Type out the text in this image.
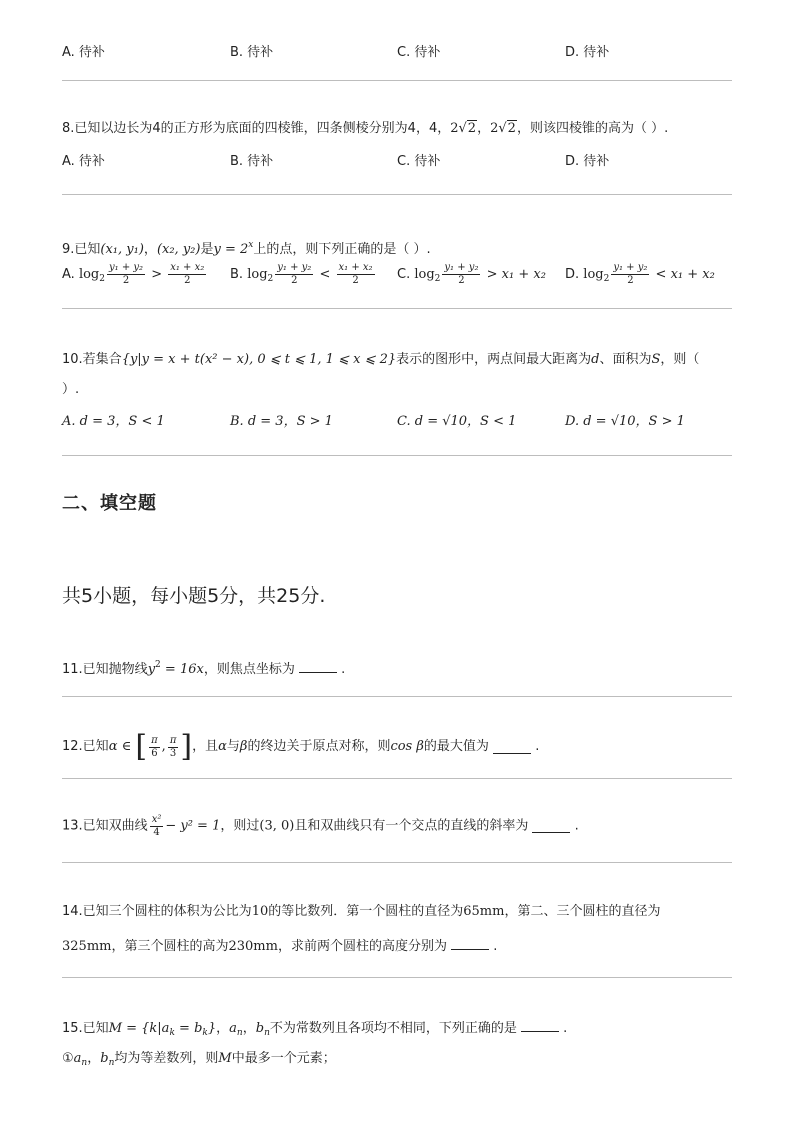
A. 待补	B. 待补	C. 待补	D. 待补
8.已知以边长为4的正方形为底面的四棱锥，四条侧棱分别为4，4，2√2，2√2，则该四棱锥的高为（ ）.
A. 待补	B. 待补	C. 待补	D. 待补
9.已知(x₁, y₁)，(x₂, y₂)是$y = 2^x$上的点，则下列正确的是（ ）.
A. $\log_2 \frac{\text{y₁ + y₂}}{2} > \frac{\text{x₁ + x₂}}{2} B$. $\log_2 \frac{\text{y₁ + y₂}}{2} < \frac{\text{x₁ + x₂}}{2} C$. $\log_2 \frac{\text{y₁ + y₂}}{2} > x_1 + x_2$ D. $\log_2 \frac{\text{y₁ + y₂}}{2} < x_1 + x_2$
10.若集合{y|y = x + t(x² − x), 0 ⩽ t ⩽ 1, 1 ⩽ x ⩽ 2}表示的图形中，两点间最大距离为d、面积为S，则（
）.
A. d = 3，S < 1	B. d = 3，S > 1	C. d = √10，S < 1	D. d = √10，S > 1
二、填空题
共5小题，每小题5分，共25分.
11.已知抛物线$y^2 = 16x$，则焦点坐标为	.
12.已知α ∈ [ $\frac{\pi}{6}$ , $\frac{\pi}{3}$ ]，且α与β的终边关于原点对称，则cos β的最大值为	.
13.已知双曲线 $\frac{\text{x²}}{4} - y^2 = 1$，则过(3, 0)且和双曲线只有一个交点的直线的斜率为	.
14.已知三个圆柱的体积为公比为10的等比数列．第一个圆柱的直径为65mm，第二、三个圆柱的直径为
325mm，第三个圆柱的高为230mm，求前两个圆柱的高度分别为	.
15.已知$M = \{k|a_k = b_k\}$，$a_n$，$b_n$不为常数列且各项均不相同，下列正确的是	.
$①a_n$，$b_n$均为等差数列，则M中最多一个元素；
